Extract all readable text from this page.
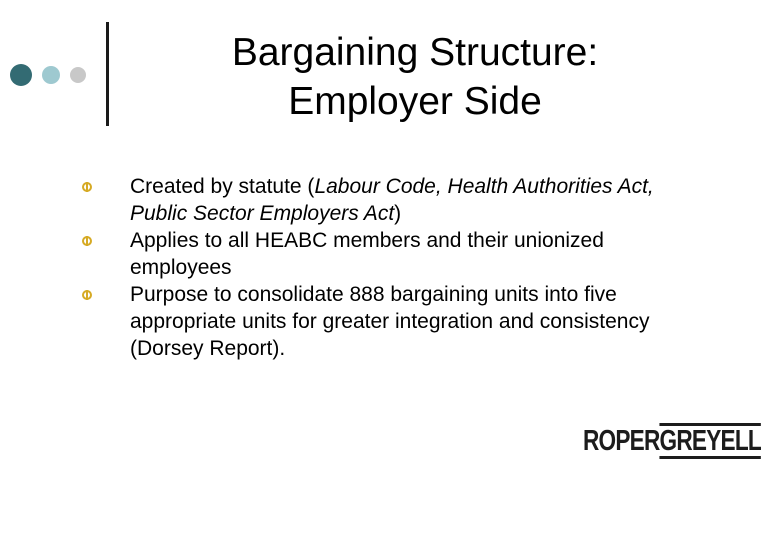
Bargaining Structure:
Employer Side
Created by statute (Labour Code, Health Authorities Act, Public Sector Employers Act)
Applies to all HEABC members and their unionized employees
Purpose to consolidate 888 bargaining units into five appropriate units for greater integration and consistency (Dorsey Report).
ROPERGREYELL
